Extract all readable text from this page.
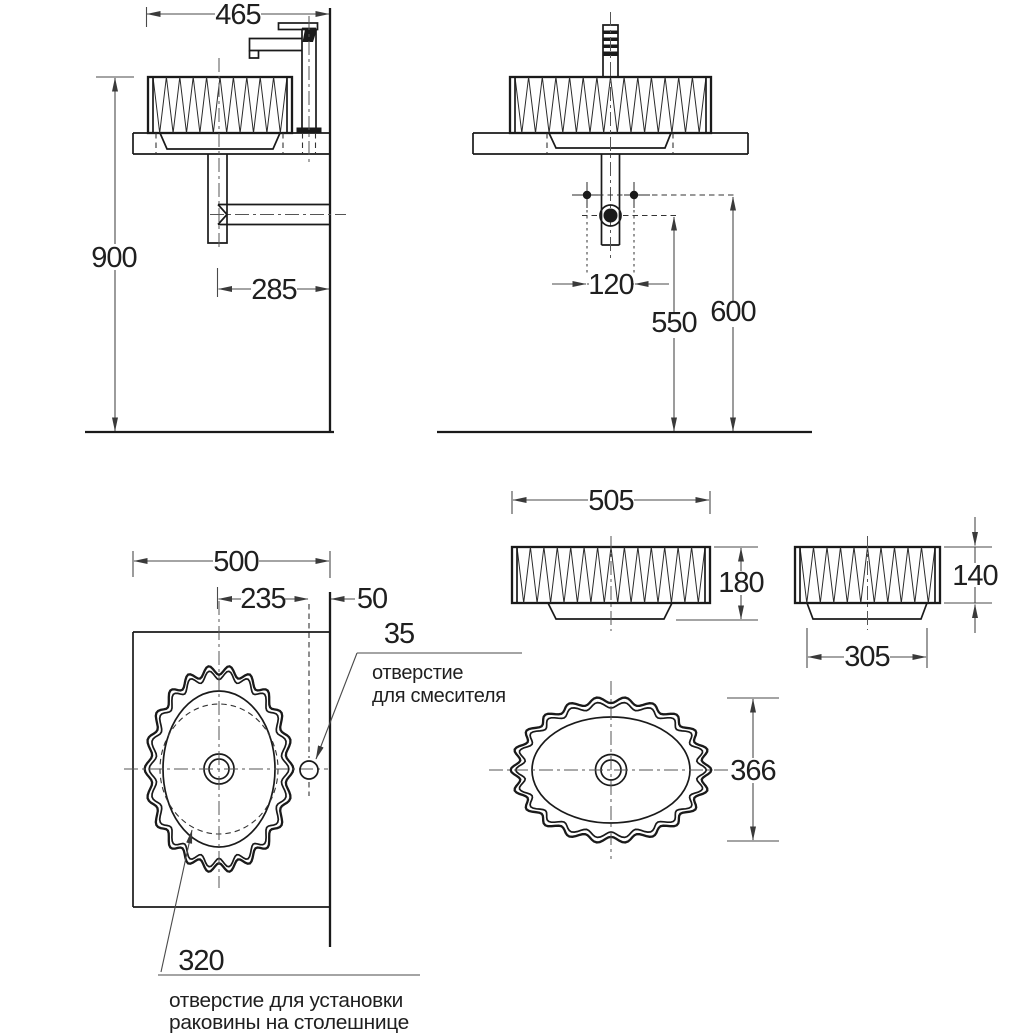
465
900
285	120
550 600
500
235 50
35
отверстие
для смесителя
320
отверстие для установки
раковины на столешнице
505
180	140
305
366
